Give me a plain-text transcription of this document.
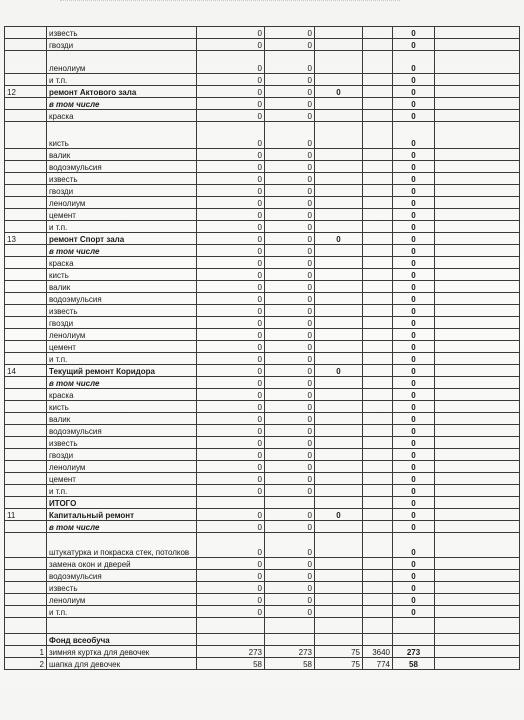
	известь	0	0			0	
	гвозди	0	0			0	
	ленолиум	0	0			0	
	и т.п.	0	0			0	
12	ремонт Актового зала	0	0	0		0	
	в том числе	0	0			0	
	краска	0	0			0	
	кисть	0	0			0	
	валик	0	0			0	
	водоэмульсия	0	0			0	
	известь	0	0			0	
	гвозди	0	0			0	
	ленолиум	0	0			0	
	цемент	0	0			0	
	и т.п.	0	0			0	
13	ремонт Спорт зала	0	0	0		0	
	в том числе	0	0			0	
	краска	0	0			0	
	кисть	0	0			0	
	валик	0	0			0	
	водоэмульсия	0	0			0	
	известь	0	0			0	
	гвозди	0	0			0	
	ленолиум	0	0			0	
	цемент	0	0			0	
	и т.п.	0	0			0	
14	Текущий ремонт Коридора	0	0	0		0	
	в том числе	0	0			0	
	краска	0	0			0	
	кисть	0	0			0	
	валик	0	0			0	
	водоэмульсия	0	0			0	
	известь	0	0			0	
	гвозди	0	0			0	
	ленолиум	0	0			0	
	цемент	0	0			0	
	и т.п.	0	0			0	
	ИТОГО					0	
11	Капитальный ремонт	0	0	0		0	
	в том числе	0	0			0	
	штукатурка и покраска стек, потолков	0	0			0	
	замена окон и дверей	0	0			0	
	водоэмульсия	0	0			0	
	известь	0	0			0	
	ленолиум	0	0			0	
	и т.п.	0	0			0	

	Фонд всеобуча						
1	зимняя куртка для девочек	273	273	75	3640	273	
2	шапка для девочек	58	58	75	774	58	
